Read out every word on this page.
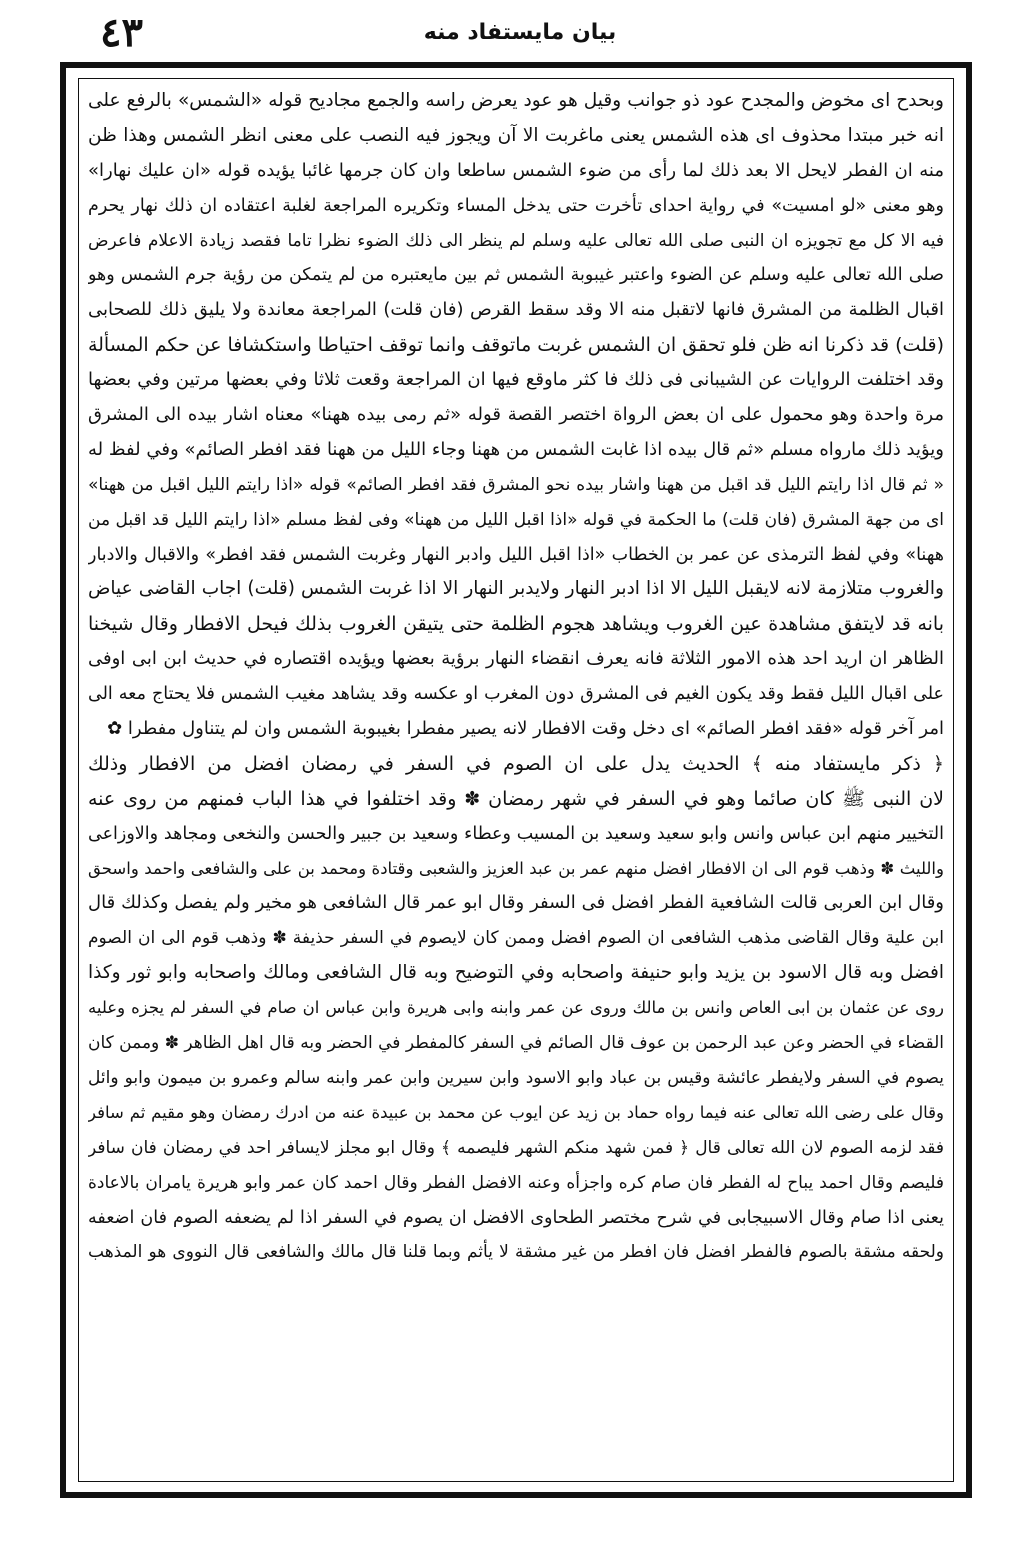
٤٣	بيان مايستفاد منه
وبحدح اى مخوض والمجدح عود ذو جوانب وقيل هو عود يعرض راسه والجمع مجاديح قوله «الشمس» بالرفع على
انه خبر مبتدا محذوف اى هذه الشمس يعنى ماغربت الا آن ويجوز فيه النصب على معنى انظر الشمس وهذا ظن
منه ان الفطر لايحل الا بعد ذلك لما رأى من ضوء الشمس ساطعا وان كان جرمها غائبا يؤيده قوله «ان عليك نهارا»
وهو معنى «لو امسيت» في رواية احداى تأخرت حتى يدخل المساء وتكريره المراجعة لغلبة اعتقاده ان ذلك نهار يحرم
فيه الا كل مع تجويزه ان النبى صلى الله تعالى عليه وسلم لم ينظر الى ذلك الضوء نظرا تاما فقصد زيادة الاعلام فاعرض
صلى الله تعالى عليه وسلم عن الضوء واعتبر غيبوبة الشمس ثم بين مايعتبره من لم يتمكن من رؤية جرم الشمس وهو
اقبال الظلمة من المشرق فانها لاتقبل منه الا وقد سقط القرص (فان قلت) المراجعة معاندة ولا يليق ذلك للصحابى
(قلت) قد ذكرنا انه ظن فلو تحقق ان الشمس غربت ماتوقف وانما توقف احتياطا واستكشافا عن حكم المسألة
وقد اختلفت الروايات عن الشيبانى فى ذلك فا كثر ماوقع فيها ان المراجعة وقعت ثلاثا وفي بعضها مرتين وفي بعضها
مرة واحدة وهو محمول على ان بعض الرواة اختصر القصة قوله «ثم رمى بيده ههنا» معناه اشار بيده الى المشرق
ويؤيد ذلك مارواه مسلم «ثم قال بيده اذا غابت الشمس من ههنا وجاء الليل من ههنا فقد افطر الصائم» وفي لفظ له
« ثم قال اذا رايتم الليل قد اقبل من ههنا واشار بيده نحو المشرق فقد افطر الصائم» قوله «اذا رايتم الليل اقبل من ههنا»
اى من جهة المشرق (فان قلت) ما الحكمة في قوله «اذا اقبل الليل من ههنا» وفى لفظ مسلم «اذا رايتم الليل قد اقبل من
ههنا» وفي لفظ الترمذى عن عمر بن الخطاب «اذا اقبل الليل وادبر النهار وغربت الشمس فقد افطر» والاقبال والادبار
والغروب متلازمة لانه لايقبل الليل الا اذا ادبر النهار ولايدبر النهار الا اذا غربت الشمس (قلت) اجاب القاضى عياض
بانه قد لايتفق مشاهدة عين الغروب ويشاهد هجوم الظلمة حتى يتيقن الغروب بذلك فيحل الافطار وقال شيخنا
الظاهر ان اريد احد هذه الامور الثلاثة فانه يعرف انقضاء النهار برؤية بعضها ويؤيده اقتصاره في حديث ابن ابى اوفى
على اقبال الليل فقط وقد يكون الغيم فى المشرق دون المغرب او عكسه وقد يشاهد مغيب الشمس فلا يحتاج معه الى
امر آخر قوله «فقد افطر الصائم» اى دخل وقت الافطار لانه يصير مفطرا بغيبوبة الشمس وان لم يتناول مفطرا ✿
﴿ ذكر مايستفاد منه ﴾ الحديث يدل على ان الصوم في السفر في رمضان افضل من الافطار وذلك
لان النبى ﷺ كان صائما وهو في السفر في شهر رمضان ✽ وقد اختلفوا في هذا الباب فمنهم من روى عنه
التخيير منهم ابن عباس وانس وابو سعيد وسعيد بن المسيب وعطاء وسعيد بن جبير والحسن والنخعى ومجاهد والاوزاعى
والليث ✽ وذهب قوم الى ان الافطار افضل منهم عمر بن عبد العزيز والشعبى وقتادة ومحمد بن على والشافعى واحمد واسحق
وقال ابن العربى قالت الشافعية الفطر افضل فى السفر وقال ابو عمر قال الشافعى هو مخير ولم يفصل وكذلك قال
ابن علية وقال القاضى مذهب الشافعى ان الصوم افضل وممن كان لايصوم في السفر حذيفة ✽ وذهب قوم الى ان الصوم
افضل وبه قال الاسود بن يزيد وابو حنيفة واصحابه وفي التوضيح وبه قال الشافعى ومالك واصحابه وابو ثور وكذا
روى عن عثمان بن ابى العاص وانس بن مالك وروى عن عمر وابنه وابى هريرة وابن عباس ان صام في السفر لم يجزه وعليه
القضاء في الحضر وعن عبد الرحمن بن عوف قال الصائم في السفر كالمفطر في الحضر وبه قال اهل الظاهر ✽ وممن كان
يصوم في السفر ولايفطر عائشة وقيس بن عباد وابو الاسود وابن سيرين وابن عمر وابنه سالم وعمرو بن ميمون وابو وائل
وقال على رضى الله تعالى عنه فيما رواه حماد بن زيد عن ايوب عن محمد بن عبيدة عنه من ادرك رمضان وهو مقيم ثم سافر
فقد لزمه الصوم لان الله تعالى قال ﴿ فمن شهد منكم الشهر فليصمه ﴾ وقال ابو مجلز لايسافر احد في رمضان فان سافر
فليصم وقال احمد يباح له الفطر فان صام كره واجزأه وعنه الافضل الفطر وقال احمد كان عمر وابو هريرة يامران بالاعادة
يعنى اذا صام وقال الاسبيجابى في شرح مختصر الطحاوى الافضل ان يصوم في السفر اذا لم يضعفه الصوم فان اضعفه
ولحقه مشقة بالصوم فالفطر افضل فان افطر من غير مشقة لا يأثم وبما قلنا قال مالك والشافعى قال النووى هو المذهب
